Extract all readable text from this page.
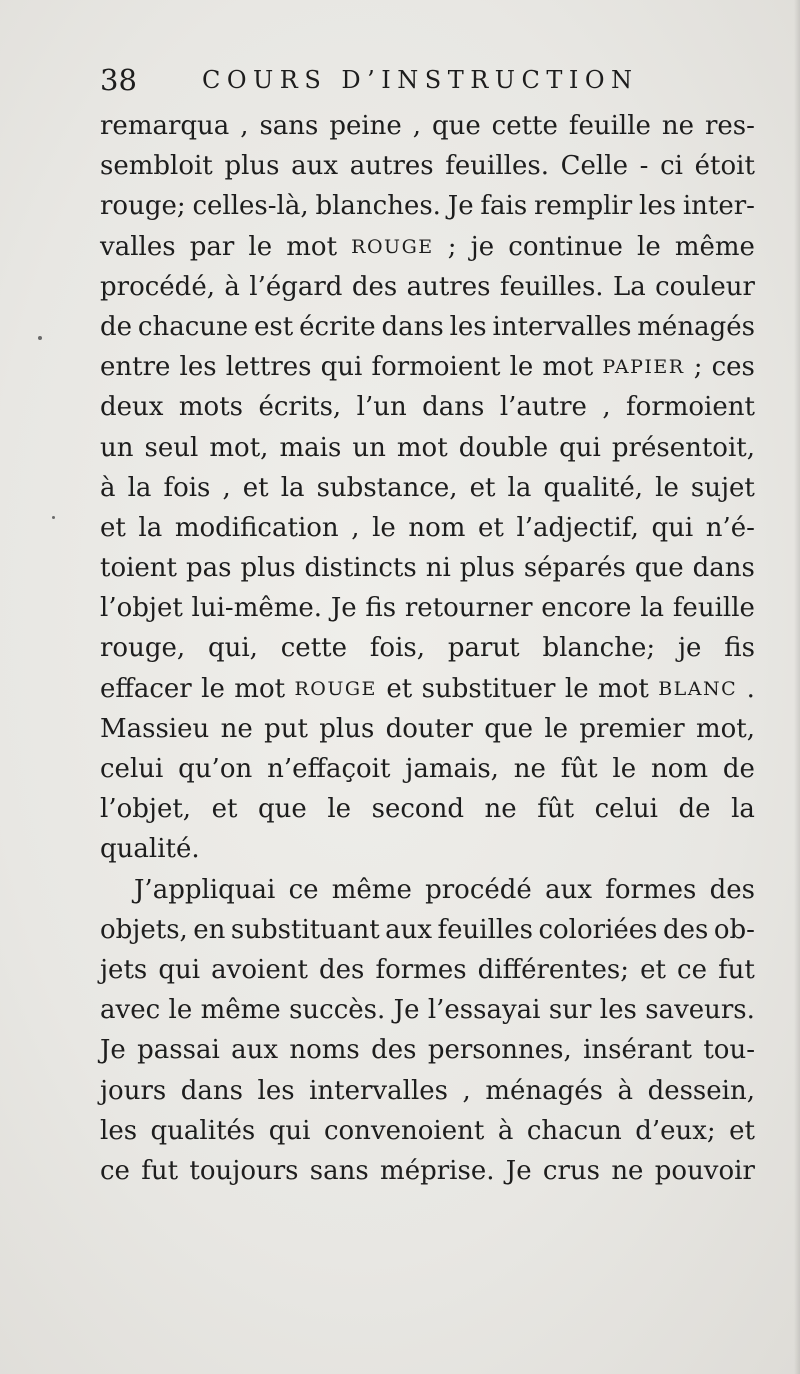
38	COURS D’INSTRUCTION
remarqua , sans peine , que cette feuille ne res-
sembloit plus aux autres feuilles. Celle - ci étoit
rouge; celles-là, blanches. Je fais remplir les inter-
valles par le mot ROUGE ; je continue le même
procédé, à l’égard des autres feuilles. La couleur
de chacune est écrite dans les intervalles ménagés
entre les lettres qui formoient le mot PAPIER ; ces
deux mots écrits, l’un dans l’autre , formoient
un seul mot, mais un mot double qui présentoit,
à la fois , et la substance, et la qualité, le sujet
et la modification , le nom et l’adjectif, qui n’é-
toient pas plus distincts ni plus séparés que dans
l’objet lui-même. Je fis retourner encore la feuille
rouge, qui, cette fois, parut blanche; je fis
effacer le mot ROUGE et substituer le mot BLANC .
Massieu ne put plus douter que le premier mot,
celui qu’on n’effaçoit jamais, ne fût le nom de
l’objet, et que le second ne fût celui de la
qualité.
J’appliquai ce même procédé aux formes des
objets, en substituant aux feuilles coloriées des ob-
jets qui avoient des formes différentes; et ce fut
avec le même succès. Je l’essayai sur les saveurs.
Je passai aux noms des personnes, insérant tou-
jours dans les intervalles , ménagés à dessein,
les qualités qui convenoient à chacun d’eux; et
ce fut toujours sans méprise. Je crus ne pouvoir
